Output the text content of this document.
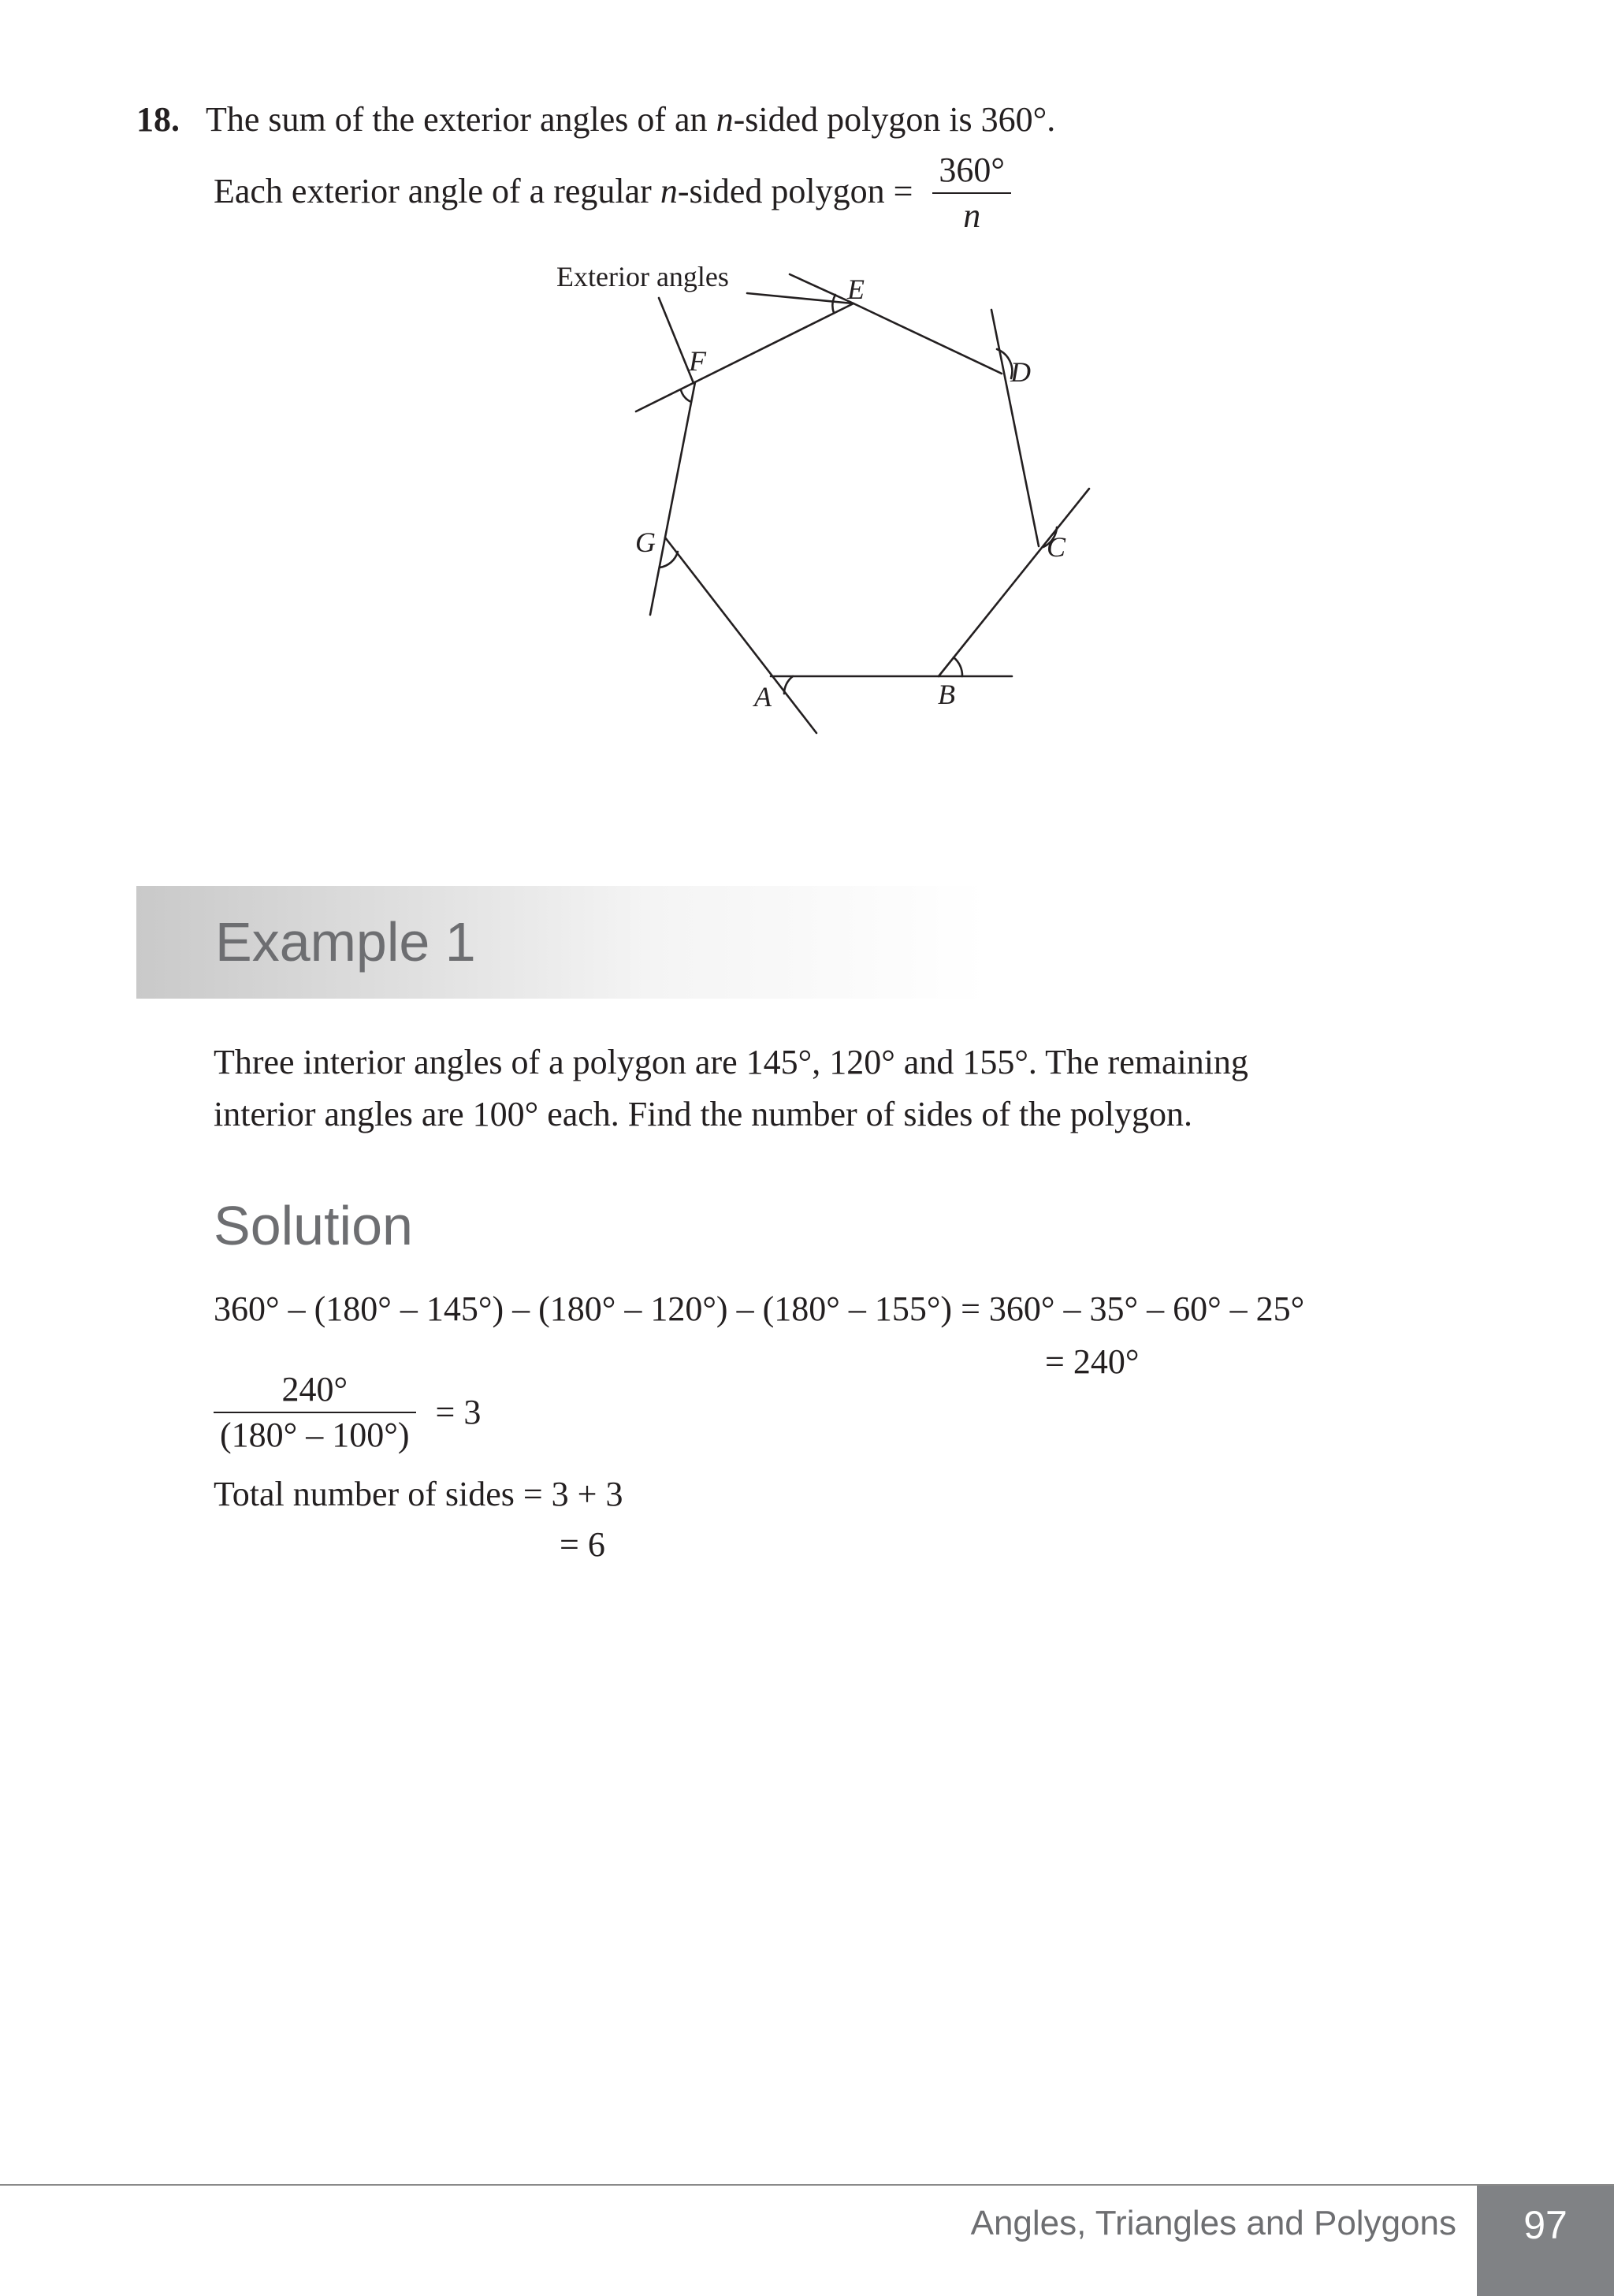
18. The sum of the exterior angles of an n-sided polygon is 360°.
Each exterior angle of a regular n-sided polygon = $\frac{360^\circ}{n}$
Exterior angles
A	B
C
D
E
F
G
Example 1
Three interior angles of a polygon are 145°, 120° and 155°. The remaining
interior angles are 100° each. Find the number of sides of the polygon.
Solution
360° – (180° – 145°) – (180° – 120°) – (180° – 155°) = 360° – 35° – 60° – 25°
= 240°
$\frac{240^\circ}{(180^\circ - 100^\circ)} = 3$
Total number of sides = 3 + 3
= 6
Angles, Triangles and Polygons	97
